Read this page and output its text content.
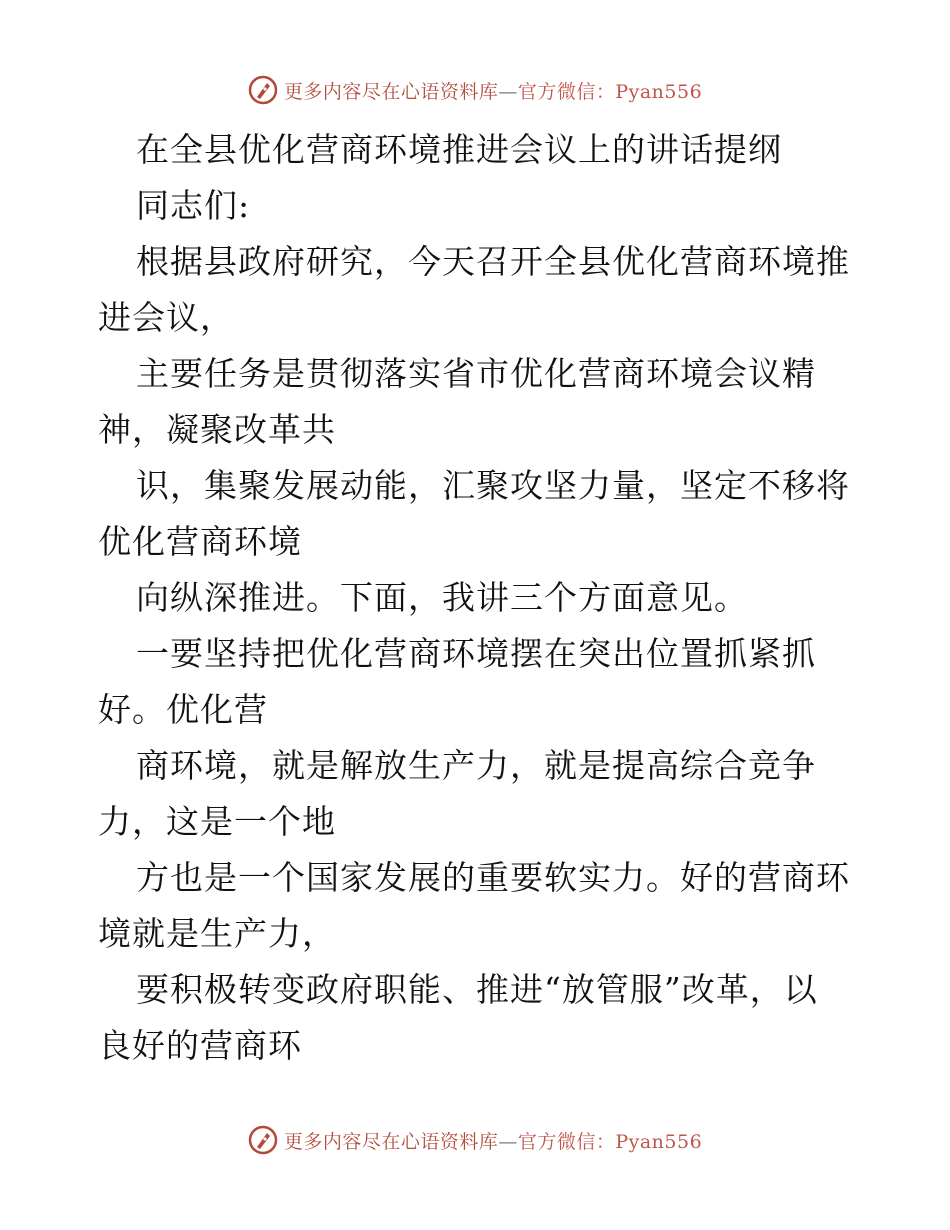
更多内容尽在心语资料库—官方微信：Pyan556
在全县优化营商环境推进会议上的讲话提纲
同志们:
根据县政府研究，今天召开全县优化营商环境推
进会议，
主要任务是贯彻落实省市优化营商环境会议精
神，凝聚改革共
识，集聚发展动能，汇聚攻坚力量，坚定不移将
优化营商环境
向纵深推进。下面，我讲三个方面意见。
一要坚持把优化营商环境摆在突出位置抓紧抓
好。优化营
商环境，就是解放生产力，就是提高综合竞争
力，这是一个地
方也是一个国家发展的重要软实力。好的营商环
境就是生产力，
要积极转变政府职能、推进“放管服”改革，以
良好的营商环
更多内容尽在心语资料库—官方微信：Pyan556
